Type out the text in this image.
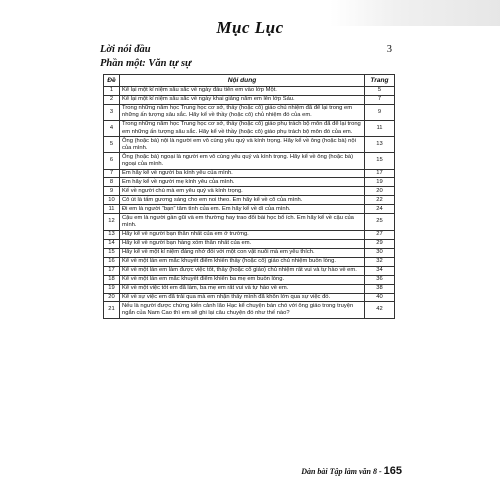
Mục Lục
Lời nói đầu	3
Phần một: Văn tự sự
Đề	Nội dung	Trang
1	Kể lại một kỉ niệm sâu sắc về ngày đầu tiên em vào lớp Một.	5
2	Kể lại một kỉ niệm sâu sắc về ngày khai giảng năm em lên lớp Sáu.	7
3	Trong những năm học Trung học cơ sở, thầy (hoặc cô) giáo chủ nhiệm đã để lại trong em những ấn tượng sâu sắc. Hãy kể về thầy (hoặc cô) chủ nhiệm đó của em.	9
4	Trong những năm học Trung học cơ sở, thầy (hoặc cô) giáo phụ trách bộ môn đã để lại trong em những ấn tượng sâu sắc. Hãy kể về thầy (hoặc cô) giáo phụ trách bộ môn đó của em.	11
5	Ông (hoặc bà) nội là người em vô cùng yêu quý và kính trọng. Hãy kể về ông (hoặc bà) nội của mình.	13
6	Ông (hoặc bà) ngoại là người em vô cùng yêu quý và kính trọng. Hãy kể về ông (hoặc bà) ngoại của mình.	15
7	Em hãy kể về người ba kính yêu của mình.	17
8	Em hãy kể về người mẹ kính yêu của mình.	19
9	Kể về người chú mà em yêu quý và kính trọng.	20
10	Cô út là tấm gương sáng cho em noi theo. Em hãy kể về cô của mình.	22
11	Đi em là người “bạn” tâm tình của em. Em hãy kể về dì của mình.	24
12	Cậu em là người gần gũi và em thường hay trao đổi bài học bổ ích. Em hãy kể về cậu của mình.	25
13	Hãy kể về người bạn thân nhất của em ở trường.	27
14	Hãy kể về người bạn hàng xóm thân nhất của em.	29
15	Hãy kể về một kỉ niệm đáng nhớ đối với một con vật nuôi mà em yêu thích.	30
16	Kể về một lần em mắc khuyết điểm khiến thầy (hoặc cô) giáo chủ nhiệm buồn lòng.	32
17	Kể về một lần em làm được việc tốt, thầy (hoặc cô giáo) chủ nhiệm rất vui và tự hào về em.	34
18	Kể về một lần em mắc khuyết điểm khiến ba mẹ em buồn lòng.	36
19	Kể về một việc tốt em đã làm, ba mẹ em rất vui và tự hào về em.	38
20	Kể về sự việc em đã trải qua mà em nhận thấy mình đã khôn lớn qua sự việc đó.	40
21	Nếu là người được chứng kiến cảnh lão Hạc kể chuyện bán chó với ông giáo trong truyện ngắn của Nam Cao thì em sẽ ghi lại câu chuyện đó như thế nào?	42
Dàn bài Tập làm văn 8 - 165
